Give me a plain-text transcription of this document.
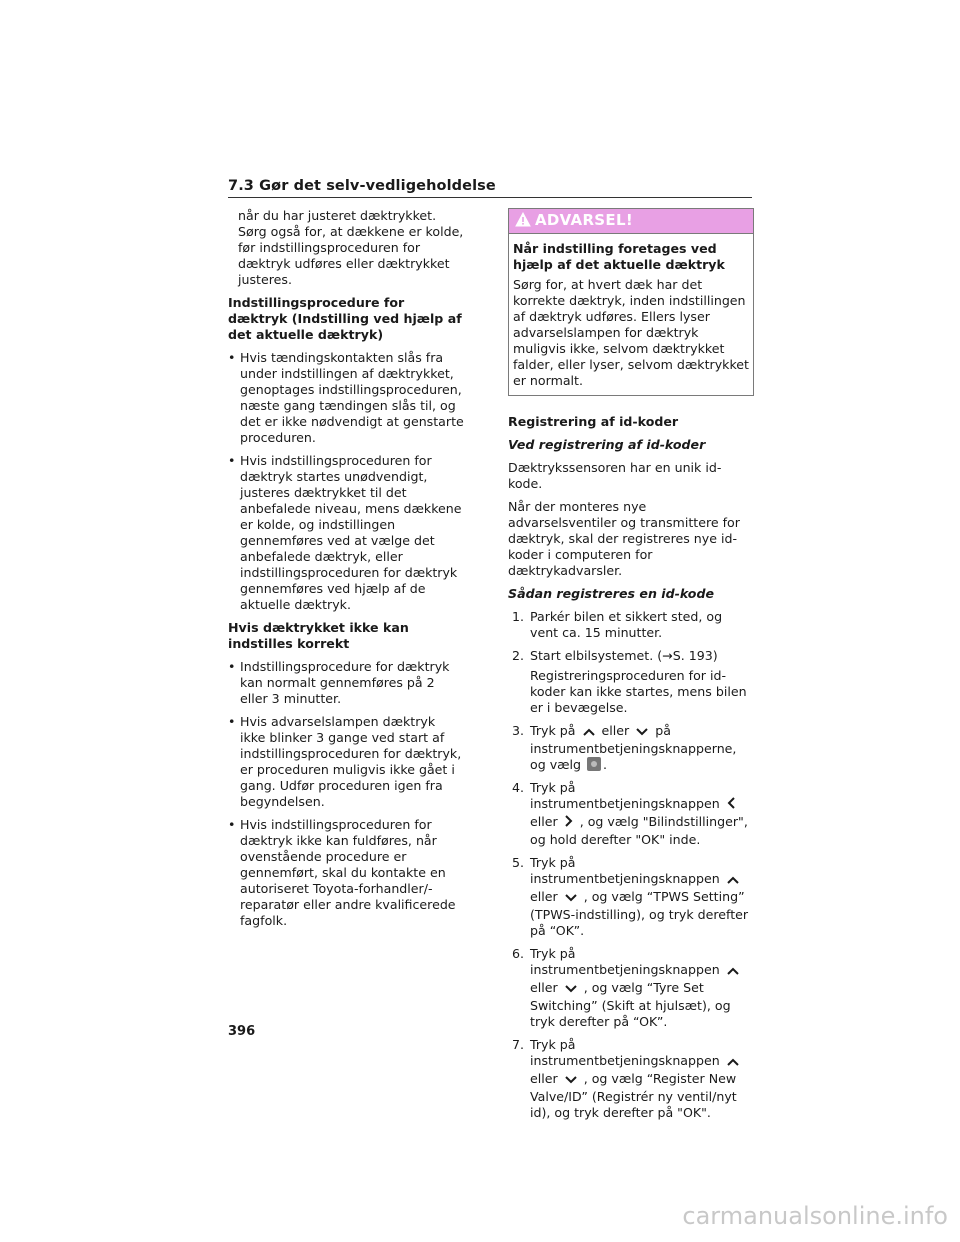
7.3 Gør det selv-vedligeholdelse

når du har justeret dæktrykket. Sørg også for, at dækkene er kolde, før indstillingsproceduren for dæktryk udføres eller dæktrykket justeres.

Indstillingsprocedure for dæktryk (Indstilling ved hjælp af det aktuelle dæktryk)

• Hvis tændingskontakten slås fra under indstillingen af dæktrykket, genoptages indstillingsproceduren, næste gang tændingen slås til, og det er ikke nødvendigt at genstarte proceduren.
• Hvis indstillingsproceduren for dæktryk startes unødvendigt, justeres dæktrykket til det anbefalede niveau, mens dækkene er kolde, og indstillingen gennemføres ved at vælge det anbefalede dæktryk, eller indstillingsproceduren for dæktryk gennemføres ved hjælp af de aktuelle dæktryk.

Hvis dæktrykket ikke kan indstilles korrekt

• Indstillingsprocedure for dæktryk kan normalt gennemføres på 2 eller 3 minutter.
• Hvis advarselslampen dæktryk ikke blinker 3 gange ved start af indstillingsproceduren for dæktryk, er proceduren muligvis ikke gået i gang. Udfør proceduren igen fra begyndelsen.
• Hvis indstillingsproceduren for dæktryk ikke kan fuldføres, når ovenstående procedure er gennemført, skal du kontakte en autoriseret Toyota-forhandler/-reparatør eller andre kvalificerede fagfolk.
ADVARSEL!
Når indstilling foretages ved hjælp af det aktuelle dæktryk
Sørg for, at hvert dæk har det korrekte dæktryk, inden indstillingen af dæktryk udføres. Ellers lyser advarselslampen for dæktryk muligvis ikke, selvom dæktrykket falder, eller lyser, selvom dæktrykket er normalt.

Registrering af id-koder

Ved registrering af id-koder

Dæktrykssensoren har en unik id-kode.

Når der monteres nye advarselsventiler og transmittere for dæktryk, skal der registreres nye id-koder i computeren for dæktrykadvarsler.

Sådan registreres en id-kode

1. Parkér bilen et sikkert sted, og vent ca. 15 minutter.
2. Start elbilsystemet. (→S. 193)
Registreringsproceduren for id-koder kan ikke startes, mens bilen er i bevægelse.
3. Tryk på eller på instrumentbetjeningsknapperne, og vælg .
4. Tryk på instrumentbetjeningsknappen  eller , og vælg "Bilindstillinger", og hold derefter "OK" inde.
5. Tryk på instrumentbetjeningsknappen  eller , og vælg “TPWS Setting” (TPWS-indstilling), og tryk derefter på “OK”.
6. Tryk på instrumentbetjeningsknappen  eller , og vælg “Tyre Set Switching” (Skift at hjulsæt), og tryk derefter på “OK”.
7. Tryk på instrumentbetjeningsknappen  eller , og vælg “Register New Valve/ID” (Registrér ny ventil/nyt id), og tryk derefter på "OK".
396
carmanualsonline.info
